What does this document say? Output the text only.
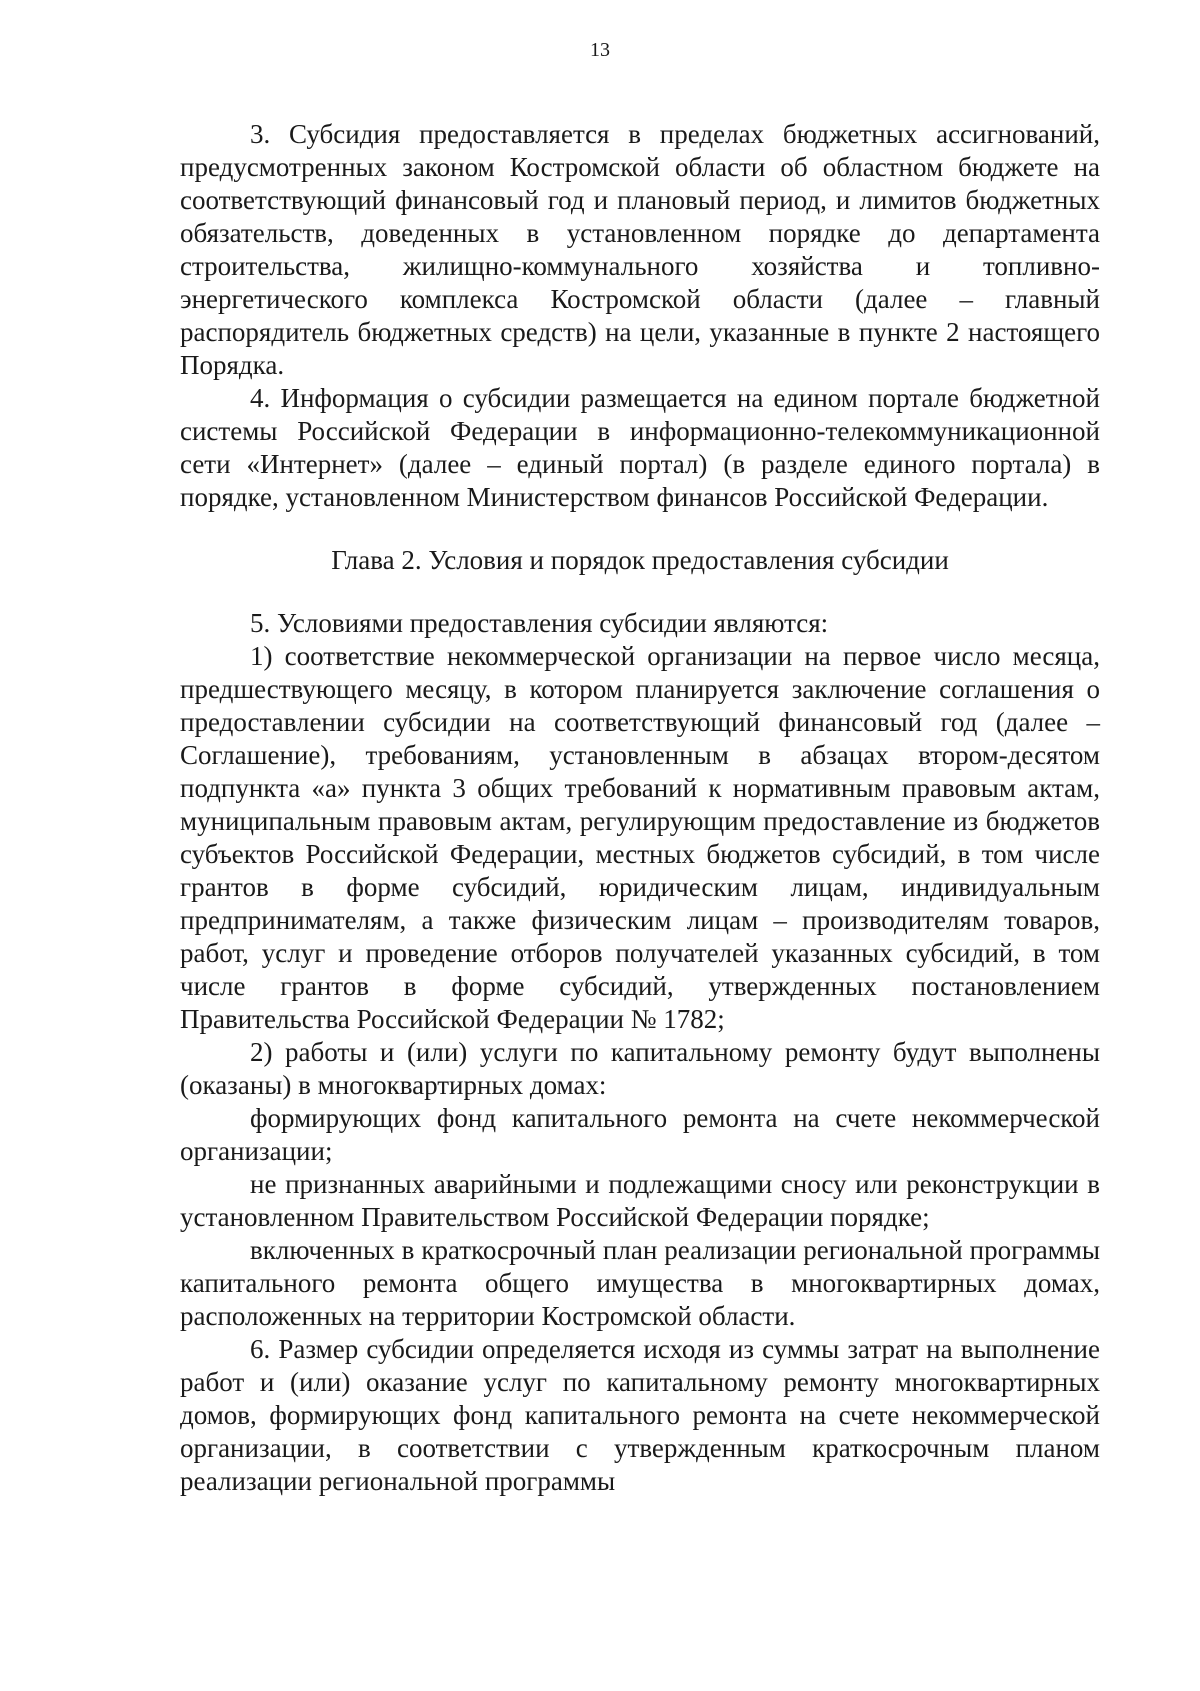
13

3. Субсидия предоставляется в пределах бюджетных ассигнований, предусмотренных законом Костромской области об областном бюджете на соответствующий финансовый год и плановый период, и лимитов бюджетных обязательств, доведенных в установленном порядке до департамента строительства, жилищно-коммунального хозяйства и топливно-энергетического комплекса Костромской области (далее – главный распорядитель бюджетных средств) на цели, указанные в пункте 2 настоящего Порядка.

4. Информация о субсидии размещается на едином портале бюджетной системы Российской Федерации в информационно-телекоммуникационной сети «Интернет» (далее – единый портал) (в разделе единого портала) в порядке, установленном Министерством финансов Российской Федерации.

Глава 2. Условия и порядок предоставления субсидии

5. Условиями предоставления субсидии являются:

1) соответствие некоммерческой организации на первое число месяца, предшествующего месяцу, в котором планируется заключение соглашения о предоставлении субсидии на соответствующий финансовый год (далее – Соглашение), требованиям, установленным в абзацах втором-десятом подпункта «а» пункта 3 общих требований к нормативным правовым актам, муниципальным правовым актам, регулирующим предоставление из бюджетов субъектов Российской Федерации, местных бюджетов субсидий, в том числе грантов в форме субсидий, юридическим лицам, индивидуальным предпринимателям, а также физическим лицам – производителям товаров, работ, услуг и проведение отборов получателей указанных субсидий, в том числе грантов в форме субсидий, утвержденных постановлением Правительства Российской Федерации № 1782;

2) работы и (или) услуги по капитальному ремонту будут выполнены (оказаны) в многоквартирных домах:

формирующих фонд капитального ремонта на счете некоммерческой организации;

не признанных аварийными и подлежащими сносу или реконструкции в установленном Правительством Российской Федерации порядке;

включенных в краткосрочный план реализации региональной программы капитального ремонта общего имущества в многоквартирных домах, расположенных на территории Костромской области.

6. Размер субсидии определяется исходя из суммы затрат на выполнение работ и (или) оказание услуг по капитальному ремонту многоквартирных домов, формирующих фонд капитального ремонта на счете некоммерческой организации, в соответствии с утвержденным краткосрочным планом реализации региональной программы
